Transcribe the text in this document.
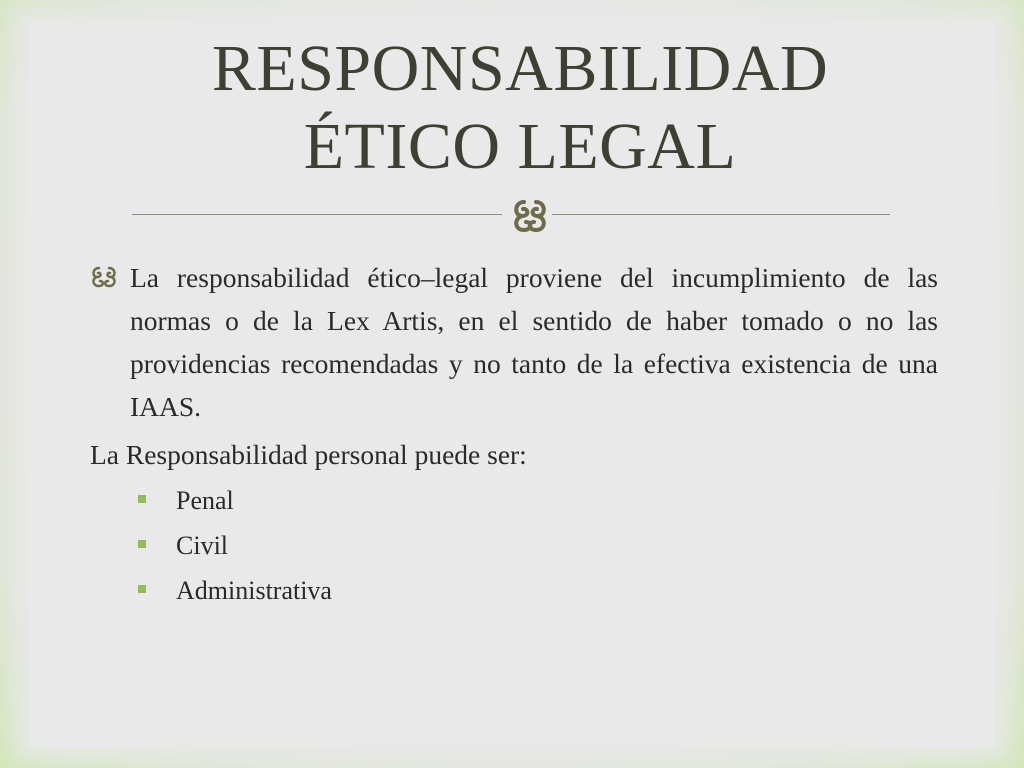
RESPONSABILIDAD
ÉTICO LEGAL
La responsabilidad ético–legal proviene del incumplimiento de las normas o de la Lex Artis, en el sentido de haber tomado o no las providencias recomendadas y no tanto de la efectiva existencia de una IAAS.
La Responsabilidad personal puede ser:
Penal
Civil
Administrativa
